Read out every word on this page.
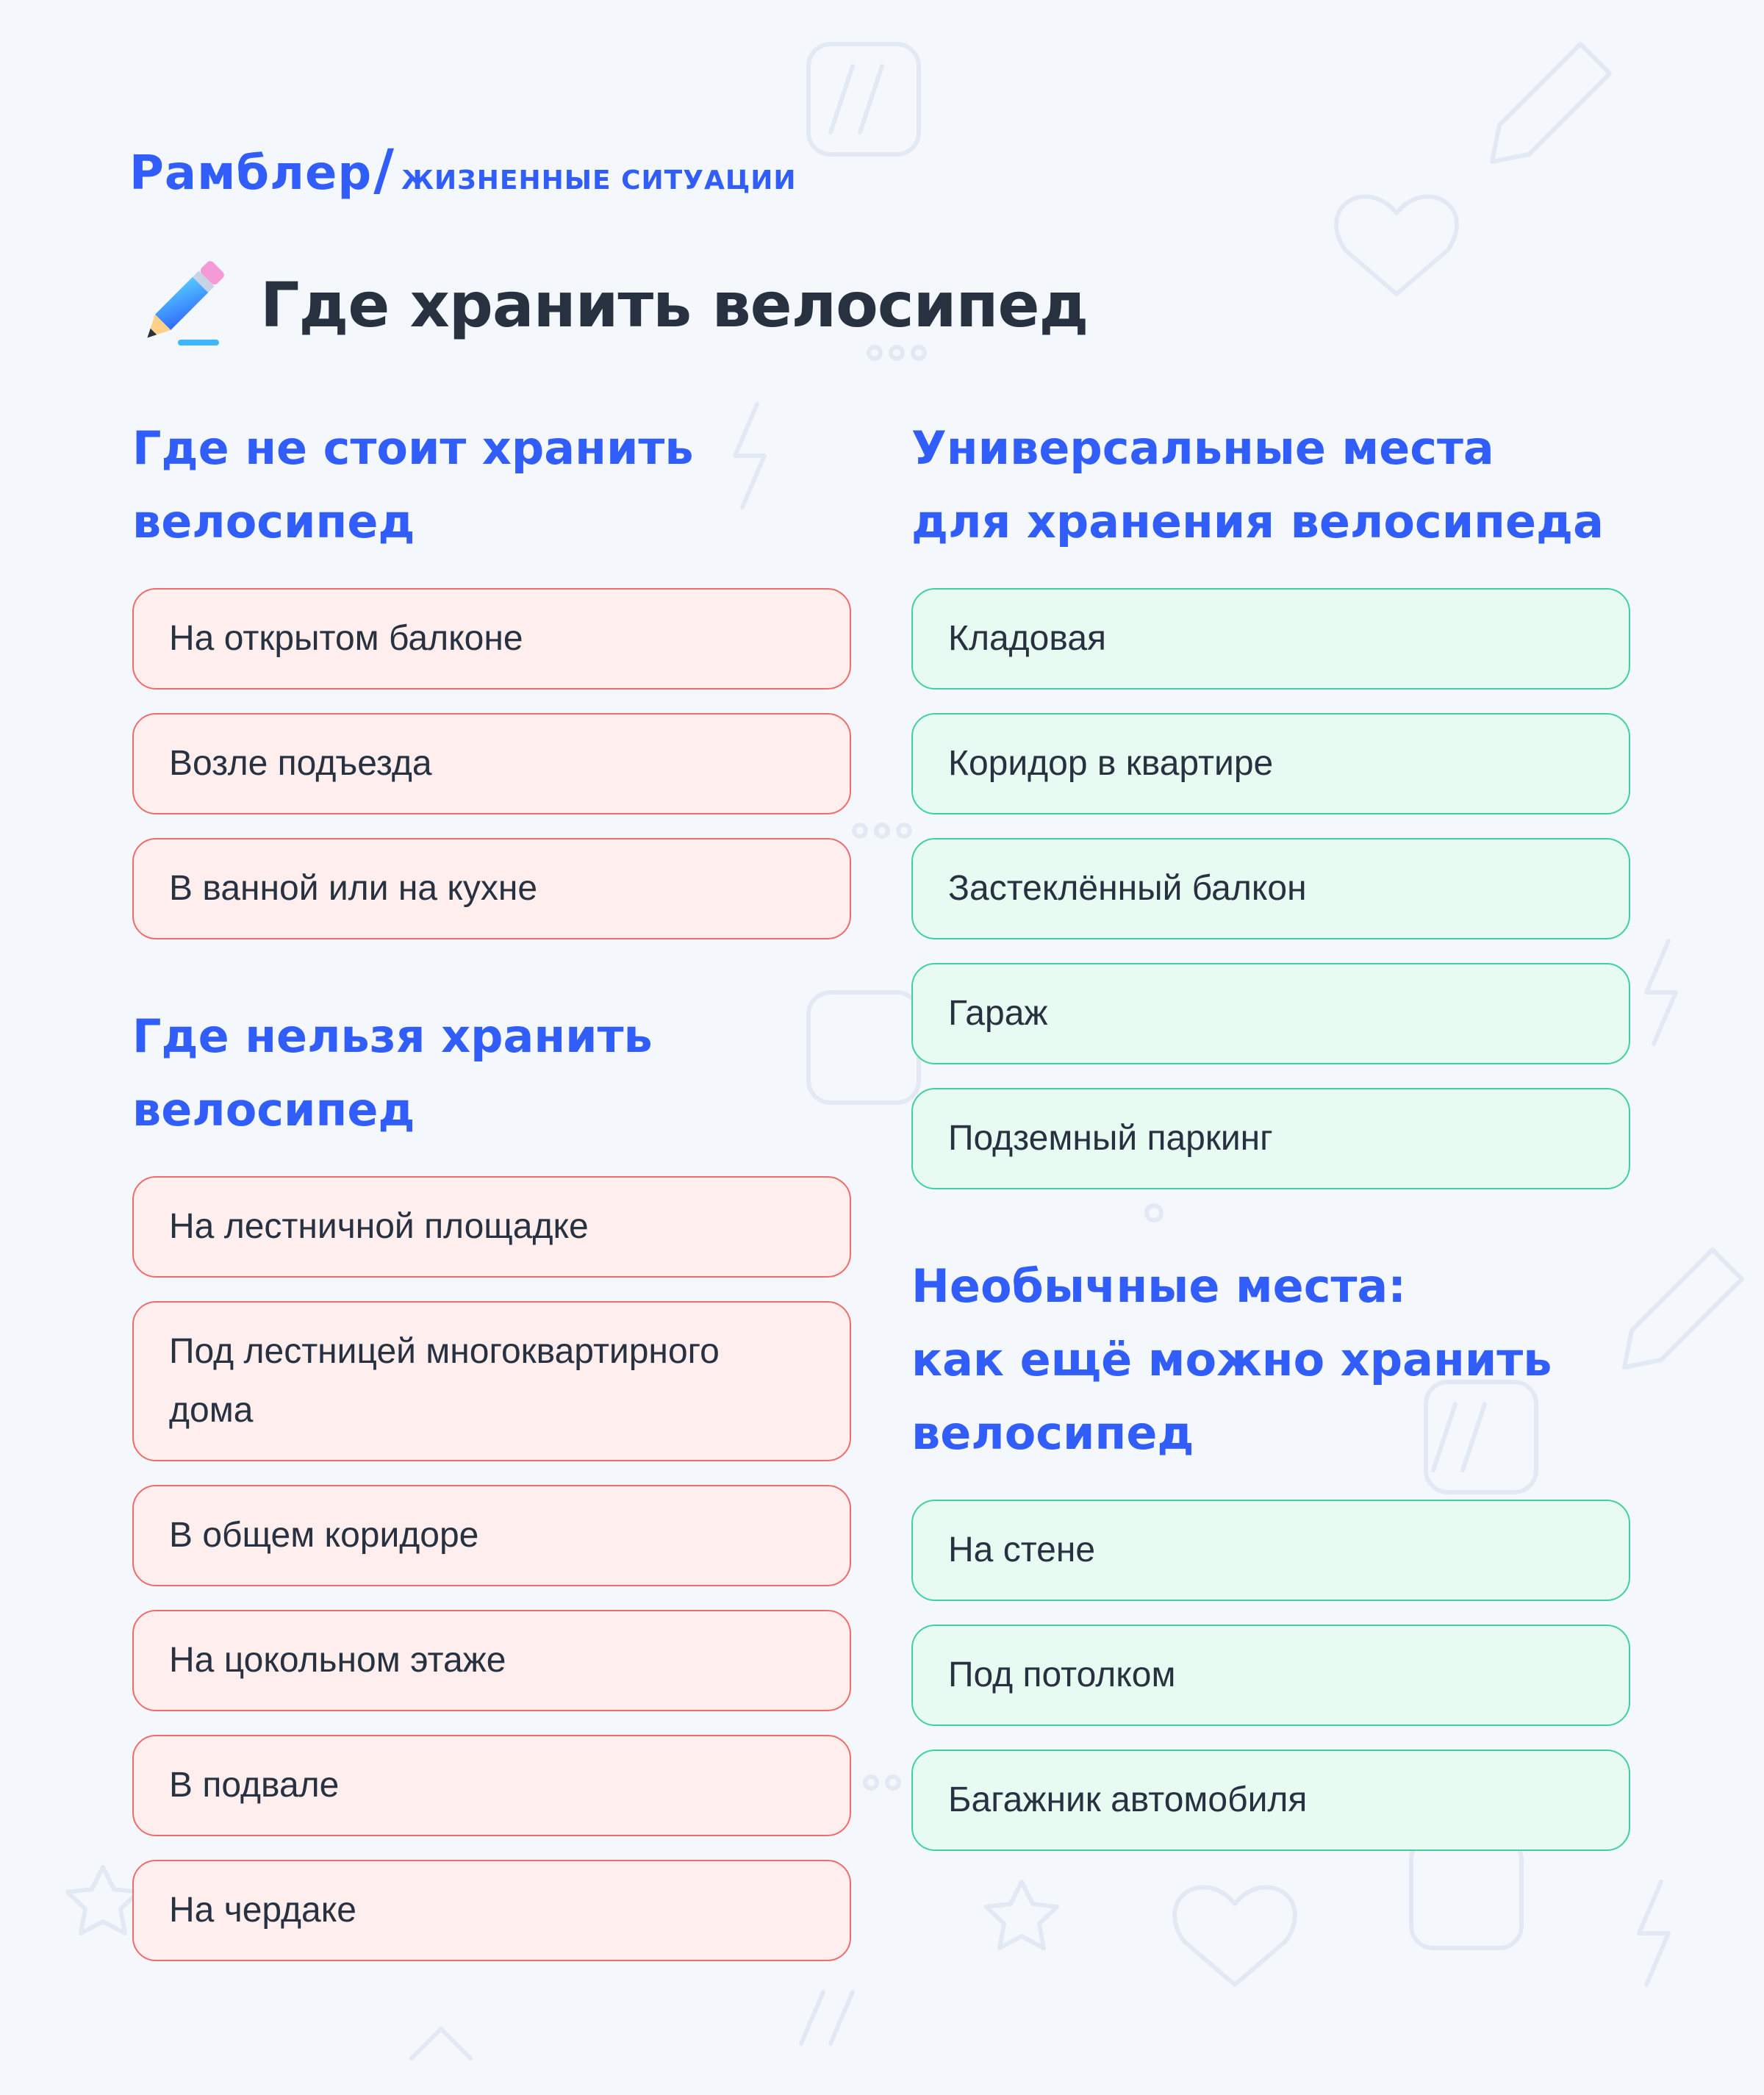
Рамблер / ЖИЗНЕННЫЕ СИТУАЦИИ
Где хранить велосипед
Где не стоит хранить
велосипед
На открытом балконе
Возле подъезда
В ванной или на кухне
Где нельзя хранить
велосипед
На лестничной площадке
Под лестницей многоквартирного
дома
В общем коридоре
На цокольном этаже
В подвале
На чердаке
Универсальные места
для хранения велосипеда
Кладовая
Коридор в квартире
Застеклённый балкон
Гараж
Подземный паркинг
Необычные места:
как ещё можно хранить
велосипед
На стене
Под потолком
Багажник автомобиля
